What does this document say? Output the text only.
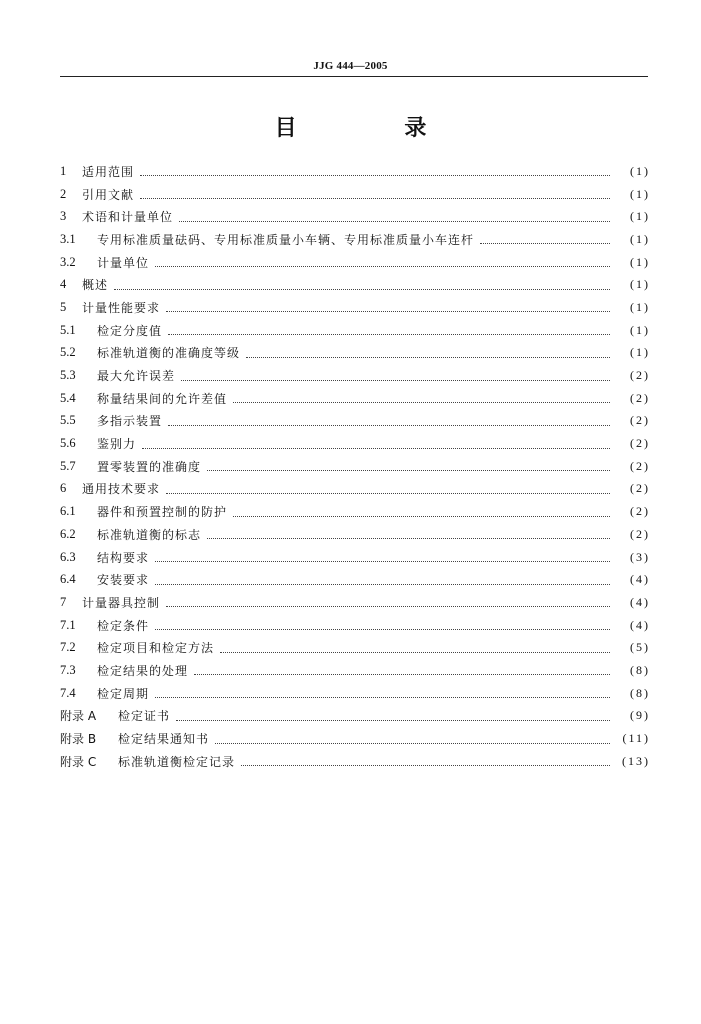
JJG 444—2005
目 录
1	适用范围	(1)
2	引用文献	(1)
3	术语和计量单位	(1)
3.1	专用标准质量砝码、专用标准质量小车辆、专用标准质量小车连杆	(1)
3.2	计量单位	(1)
4	概述	(1)
5	计量性能要求	(1)
5.1	检定分度值	(1)
5.2	标准轨道衡的准确度等级	(1)
5.3	最大允许误差	(2)
5.4	称量结果间的允许差值	(2)
5.5	多指示装置	(2)
5.6	鉴别力	(2)
5.7	置零装置的准确度	(2)
6	通用技术要求	(2)
6.1	器件和预置控制的防护	(2)
6.2	标准轨道衡的标志	(2)
6.3	结构要求	(3)
6.4	安装要求	(4)
7	计量器具控制	(4)
7.1	检定条件	(4)
7.2	检定项目和检定方法	(5)
7.3	检定结果的处理	(8)
7.4	检定周期	(8)
附录 A	检定证书	(9)
附录 B	检定结果通知书	(11)
附录 C	标准轨道衡检定记录	(13)
